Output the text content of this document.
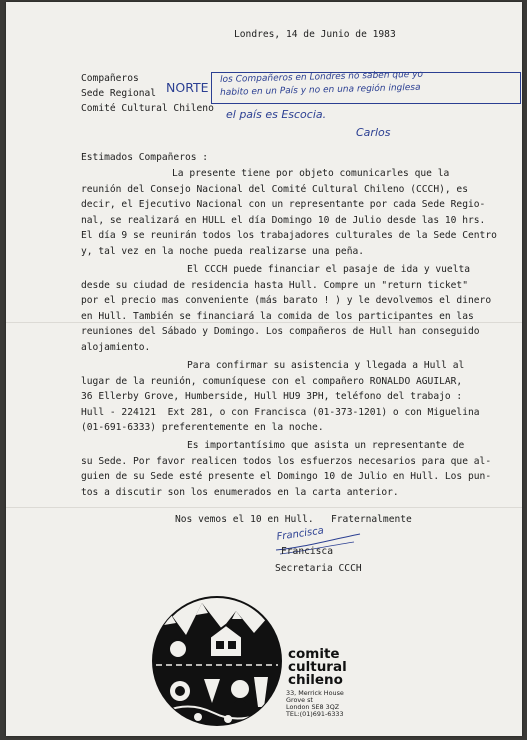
Londres, 14 de Junio de 1983

Compañeros

Sede Regional

Comité Cultural Chileno

NORTE

los Compañeros en Londres no saben que yo

habito en un País y no en una región inglesa

el país es Escocia.

Carlos

Estimados Compañeros :

La presente tiene por objeto comunicarles que la

reunión del Consejo Nacional del Comité Cultural Chileno (CCCH), es

decir, el Ejecutivo Nacional con un representante por cada Sede Regio-

nal, se realizará en HULL el día Domingo 10 de Julio desde las 10 hrs.

El día 9 se reunirán todos los trabajadores culturales de la Sede Centro

y, tal vez en la noche pueda realizarse una peña.

El CCCH puede financiar el pasaje de ida y vuelta

desde su ciudad de residencia hasta Hull. Compre un "return ticket"

por el precio mas conveniente (más barato ! ) y le devolvemos el dinero

en Hull. También se financiará la comida de los participantes en las

reuniones del Sábado y Domingo. Los compañeros de Hull han conseguido

alojamiento.

Para confirmar su asistencia y llegada a Hull al

lugar de la reunión, comuníquese con el compañero RONALDO AGUILAR,

36 Ellerby Grove, Humberside, Hull HU9 3PH, teléfono del trabajo :

Hull - 224121  Ext 281, o con Francisca (01-373-1201) o con Miguelina

(01-691-6333) preferentemente en la noche.

Es importantísimo que asista un representante de

su Sede. Por favor realicen todos los esfuerzos necesarios para que al-

guien de su Sede esté presente el Domingo 10 de Julio en Hull. Los pun-

tos a discutir son los enumerados en la carta anterior.

Nos vemos el 10 en Hull.   Fraternalmente

Francisca

Francisca

Secretaria CCCH

comite

cultural

chileno

33, Merrick House

Grove st

London SE8 3QZ

TEL:(01)691-6333
